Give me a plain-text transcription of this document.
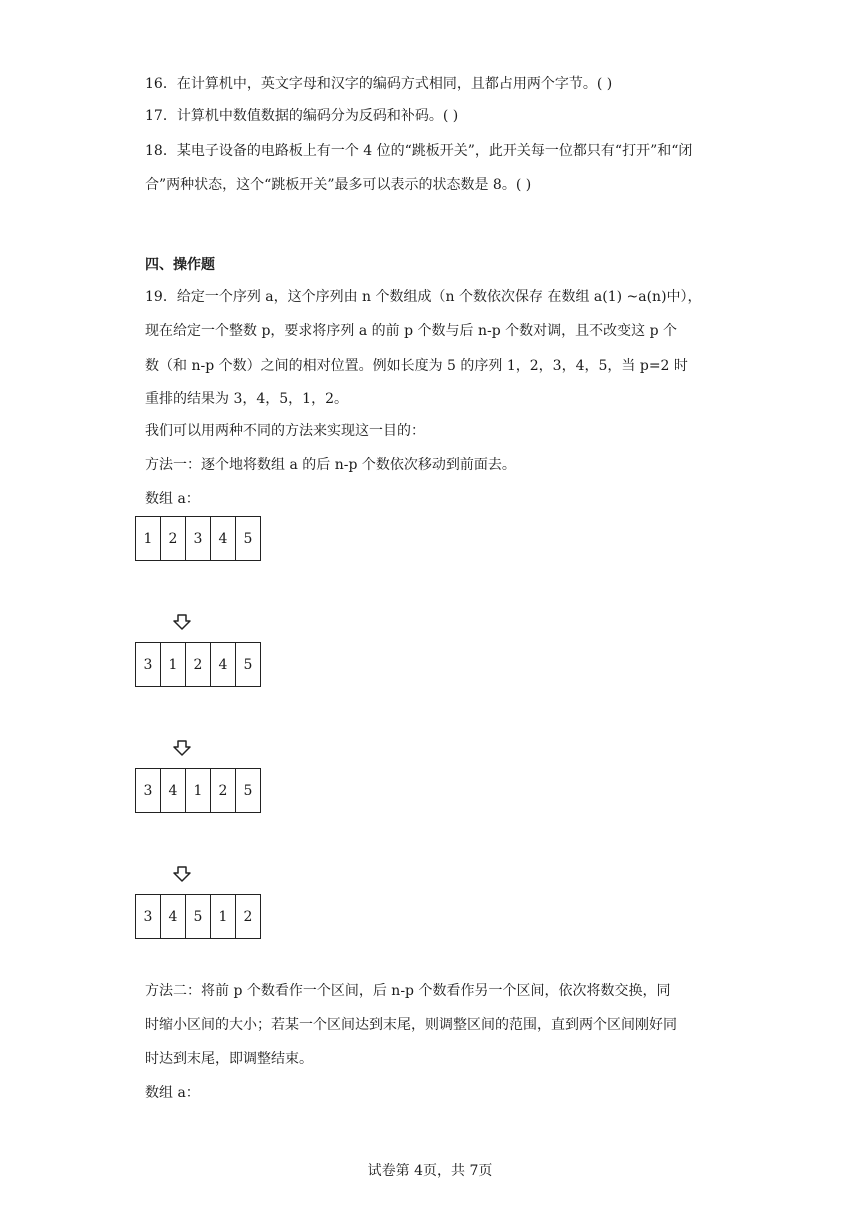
16．在计算机中，英文字母和汉字的编码方式相同，且都占用两个字节。( )
17．计算机中数值数据的编码分为反码和补码。( )
18．某电子设备的电路板上有一个 4 位的“跳板开关”，此开关每一位都只有“打开”和“闭
合”两种状态，这个“跳板开关”最多可以表示的状态数是 8。( )
四、操作题
19．给定一个序列 a，这个序列由 n 个数组成（n 个数依次保存 在数组 a(1) ~a(n)中），
现在给定一个整数 p，要求将序列 a 的前 p 个数与后 n-p 个数对调，且不改变这 p 个
数（和 n-p 个数）之间的相对位置。例如长度为 5 的序列 1，2，3，4，5，当 p=2 时
重排的结果为 3，4，5，1，2。
我们可以用两种不同的方法来实现这一目的：
方法一：逐个地将数组 a 的后 n-p 个数依次移动到前面去。
数组 a：
1	2	3	4	5
3	1	2	4	5
3	4	1	2	5
3	4	5	1	2
方法二：将前 p 个数看作一个区间，后 n-p 个数看作另一个区间，依次将数交换，同
时缩小区间的大小；若某一个区间达到末尾，则调整区间的范围，直到两个区间刚好同
时达到末尾，即调整结束。
数组 a：
试卷第 4页，共 7页
